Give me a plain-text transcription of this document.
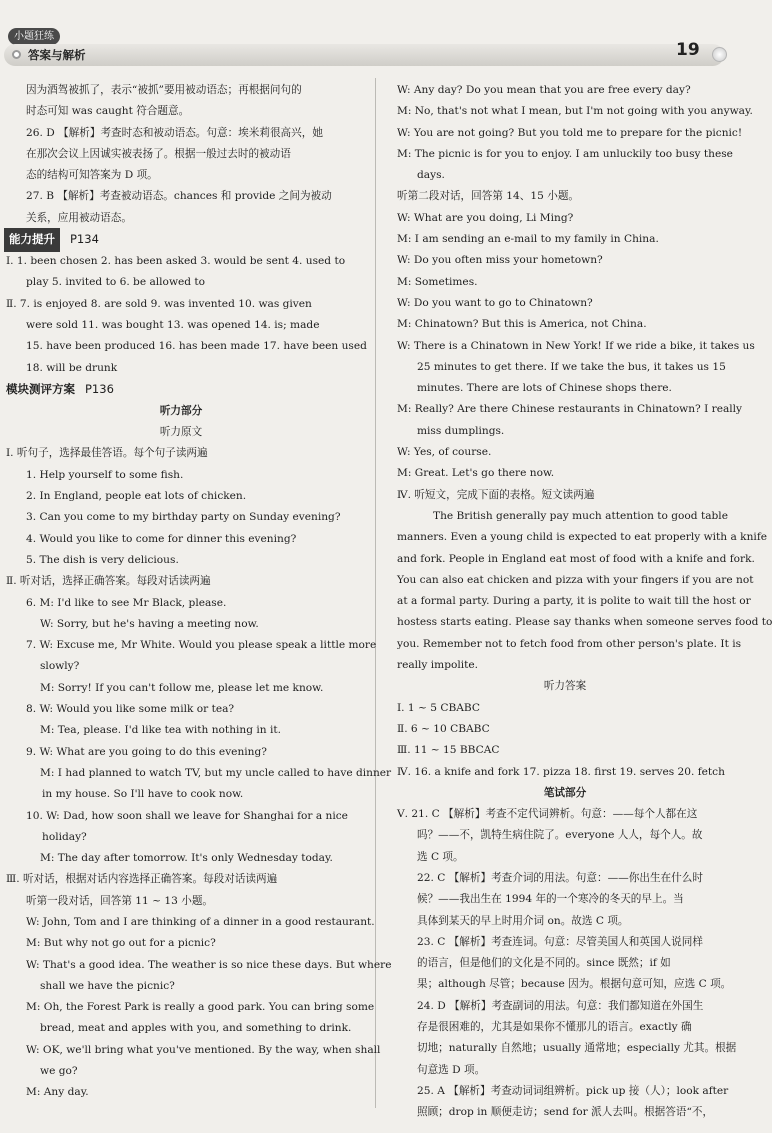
小题狂练
答案与解析	19
因为酒驾被抓了，表示“被抓”要用被动语态；再根据问句的
时态可知 was caught 符合题意。
26. D 【解析】考查时态和被动语态。句意：埃米莉很高兴，她
在那次会议上因诚实被表扬了。根据一般过去时的被动语
态的结构可知答案为 D 项。
27. B 【解析】考查被动语态。chances 和 provide 之间为被动
关系，应用被动语态。
能力提升	P134
Ⅰ. 1. been chosen 2. has been asked 3. would be sent 4. used to
play 5. invited to 6. be allowed to
Ⅱ. 7. is enjoyed 8. are sold 9. was invented 10. was given
were sold 11. was bought 13. was opened 14. is; made
15. have been produced 16. has been made 17. have been used
18. will be drunk
模块测评方案 P136
听力部分
听力原文
Ⅰ. 听句子，选择最佳答语。每个句子读两遍
1. Help yourself to some fish.
2. In England, people eat lots of chicken.
3. Can you come to my birthday party on Sunday evening?
4. Would you like to come for dinner this evening?
5. The dish is very delicious.
Ⅱ. 听对话，选择正确答案。每段对话读两遍
6. M: I'd like to see Mr Black, please.
W: Sorry, but he's having a meeting now.
7. W: Excuse me, Mr White. Would you please speak a little more
slowly?
M: Sorry! If you can't follow me, please let me know.
8. W: Would you like some milk or tea?
M: Tea, please. I'd like tea with nothing in it.
9. W: What are you going to do this evening?
M: I had planned to watch TV, but my uncle called to have dinner
in my house. So I'll have to cook now.
10. W: Dad, how soon shall we leave for Shanghai for a nice
holiday?
M: The day after tomorrow. It's only Wednesday today.
Ⅲ. 听对话，根据对话内容选择正确答案。每段对话读两遍
听第一段对话，回答第 11 ~ 13 小题。
W: John, Tom and I are thinking of a dinner in a good restaurant.
M: But why not go out for a picnic?
W: That's a good idea. The weather is so nice these days. But where
shall we have the picnic?
M: Oh, the Forest Park is really a good park. You can bring some
bread, meat and apples with you, and something to drink.
W: OK, we'll bring what you've mentioned. By the way, when shall
we go?
M: Any day.
W: Any day? Do you mean that you are free every day?
M: No, that's not what I mean, but I'm not going with you anyway.
W: You are not going? But you told me to prepare for the picnic!
M: The picnic is for you to enjoy. I am unluckily too busy these
days.
听第二段对话，回答第 14、15 小题。
W: What are you doing, Li Ming?
M: I am sending an e-mail to my family in China.
W: Do you often miss your hometown?
M: Sometimes.
W: Do you want to go to Chinatown?
M: Chinatown? But this is America, not China.
W: There is a Chinatown in New York! If we ride a bike, it takes us
25 minutes to get there. If we take the bus, it takes us 15
minutes. There are lots of Chinese shops there.
M: Really? Are there Chinese restaurants in Chinatown? I really
miss dumplings.
W: Yes, of course.
M: Great. Let's go there now.
Ⅳ. 听短文，完成下面的表格。短文读两遍
The British generally pay much attention to good table
manners. Even a young child is expected to eat properly with a knife
and fork. People in England eat most of food with a knife and fork.
You can also eat chicken and pizza with your fingers if you are not
at a formal party. During a party, it is polite to wait till the host or
hostess starts eating. Please say thanks when someone serves food to
you. Remember not to fetch food from other person's plate. It is
really impolite.
听力答案
Ⅰ. 1 ~ 5 CBABC
Ⅱ. 6 ~ 10 CBABC
Ⅲ. 11 ~ 15 BBCAC
Ⅳ. 16. a knife and fork 17. pizza 18. first 19. serves 20. fetch
笔试部分
Ⅴ. 21. C 【解析】考查不定代词辨析。句意：——每个人都在这
吗？——不，凯特生病住院了。everyone 人人，每个人。故
选 C 项。
22. C 【解析】考查介词的用法。句意：——你出生在什么时
候？——我出生在 1994 年的一个寒冷的冬天的早上。当
具体到某天的早上时用介词 on。故选 C 项。
23. C 【解析】考查连词。句意：尽管美国人和英国人说同样
的语言，但是他们的文化是不同的。since 既然；if 如
果；although 尽管；because 因为。根据句意可知，应选 C 项。
24. D 【解析】考查副词的用法。句意：我们都知道在外国生
存是很困难的，尤其是如果你不懂那儿的语言。exactly 确
切地；naturally 自然地；usually 通常地；especially 尤其。根据
句意选 D 项。
25. A 【解析】考查动词词组辨析。pick up 接（人）；look after
照顾；drop in 顺便走访；send for 派人去叫。根据答语“不，
